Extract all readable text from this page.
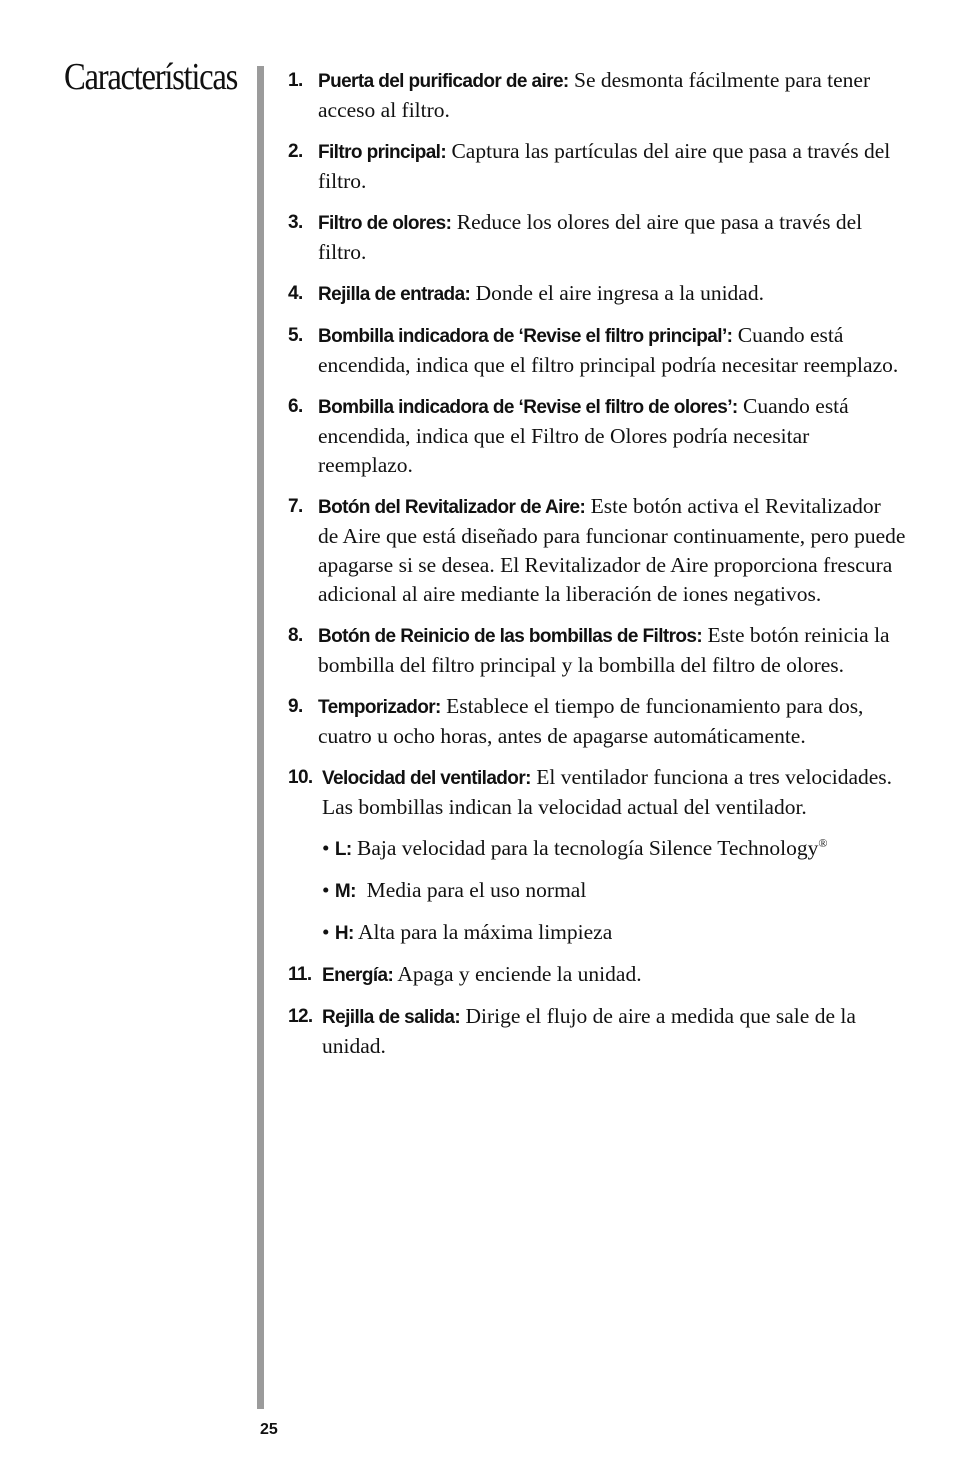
Características	1. Puerta del purificador de aire: Se desmonta fácilmente para tener acceso al filtro.
2. Filtro principal: Captura las partículas del aire que pasa a través del filtro.
3. Filtro de olores: Reduce los olores del aire que pasa a través del filtro.
4. Rejilla de entrada: Donde el aire ingresa a la unidad.
5. Bombilla indicadora de ‘Revise el filtro principal’: Cuando está encendida, indica que el filtro principal podría necesitar reemplazo.
6. Bombilla indicadora de ‘Revise el filtro de olores’: Cuando está encendida, indica que el Filtro de Olores podría necesitar reemplazo.
7. Botón del Revitalizador de Aire: Este botón activa el Revitalizador de Aire que está diseñado para funcionar continuamente, pero puede apagarse si se desea. El Revitalizador de Aire proporciona frescura adicional al aire mediante la liberación de iones negativos.
8. Botón de Reinicio de las bombillas de Filtros: Este botón reinicia la bombilla del filtro principal y la bombilla del filtro de olores.
9. Temporizador: Establece el tiempo de funcionamiento para dos, cuatro u ocho horas, antes de apagarse automáticamente.
10. Velocidad del ventilador: El ventilador funciona a tres velocidades. Las bombillas indican la velocidad actual del ventilador.
• L: Baja velocidad para la tecnología Silence Technology®
• M:  Media para el uso normal
• H: Alta para la máxima limpieza
11. Energía: Apaga y enciende la unidad.
12. Rejilla de salida: Dirige el flujo de aire a medida que sale de la unidad.
25
